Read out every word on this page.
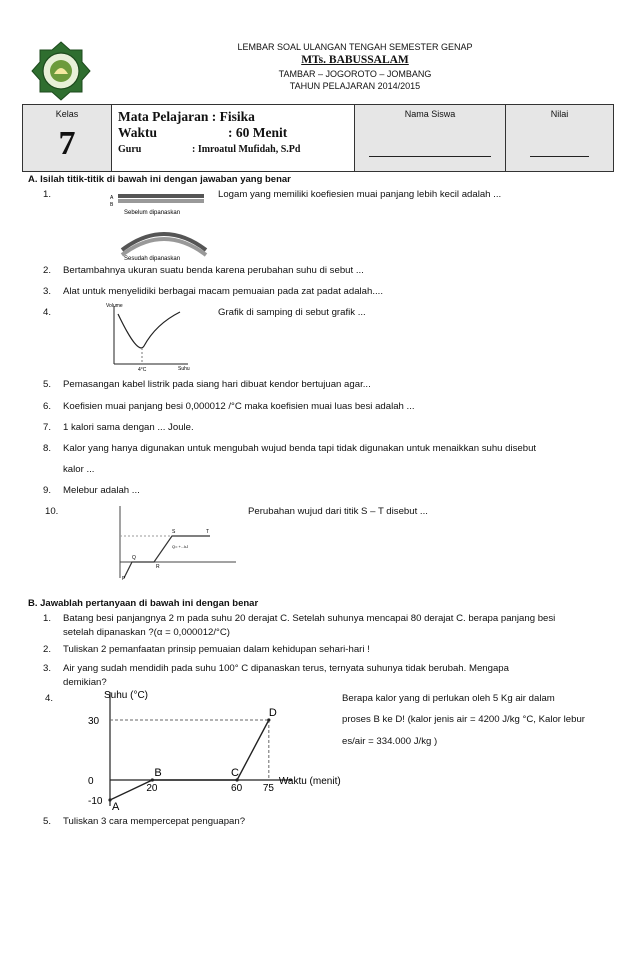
LEMBAR SOAL ULANGAN TENGAH SEMESTER GENAP
MTs. BABUSSALAM
TAMBAR – JOGOROTO – JOMBANG
TAHUN PELAJARAN 2014/2015
Kelas
7

Mata Pelajaran : Fisika
Waktu	: 60 Menit
Guru	: Imroatul Mufidah, S.Pd

Nama Siswa	Nilai
A. Isilah titik-titik di bawah ini dengan jawaban yang benar
1.	Logam yang memiliki koefiesien muai panjang lebih kecil adalah ...
A
B
Sebelum dipanaskan
Sesudah dipanaskan
2. Bertambahnya ukuran suatu benda karena perubahan suhu di sebut ...
3. Alat untuk menyelidiki berbagai macam pemuaian pada zat padat adalah....
4.	Grafik di samping di sebut grafik ...
Volume
Suhu
4°C
5. Pemasangan kabel listrik pada siang hari dibuat kendor bertujuan agar...
6. Koefisien muai panjang besi 0,000012 /°C maka koefisien muai luas besi adalah ...
7. 1 kalori sama dengan ... Joule.
8. Kalor yang hanya digunakan untuk mengubah wujud benda tapi tidak digunakan untuk menaikkan suhu disebut
kalor ...
9. Melebur adalah ...
10.	Perubahan wujud dari titik S – T disebut ...
P
Q
R
S	T
Q= +...kJ
B. Jawablah pertanyaan di bawah ini dengan benar
1. Batang besi panjangnya 2 m pada suhu 20 derajat C. Setelah suhunya mencapai 80 derajat C. berapa panjang besi
setelah dipanaskan ?(α = 0,000012/°C)
2. Tuliskan 2 pemanfaatan prinsip pemuaian dalam kehidupan sehari-hari !
3. Air yang sudah mendidih pada suhu 100° C dipanaskan terus, ternyata suhunya tidak berubah. Mengapa
demikian?
4.	Berapa kalor yang di perlukan oleh 5 Kg air dalam
proses B ke D! (kalor jenis air = 4200 J/kg °C, Kalor lebur
es/air = 334.000 J/kg )
Suhu (°C)
Waktu (menit)
A
B	C
D
20	60 75
30
0
-10
5. Tuliskan 3 cara mempercepat penguapan?
